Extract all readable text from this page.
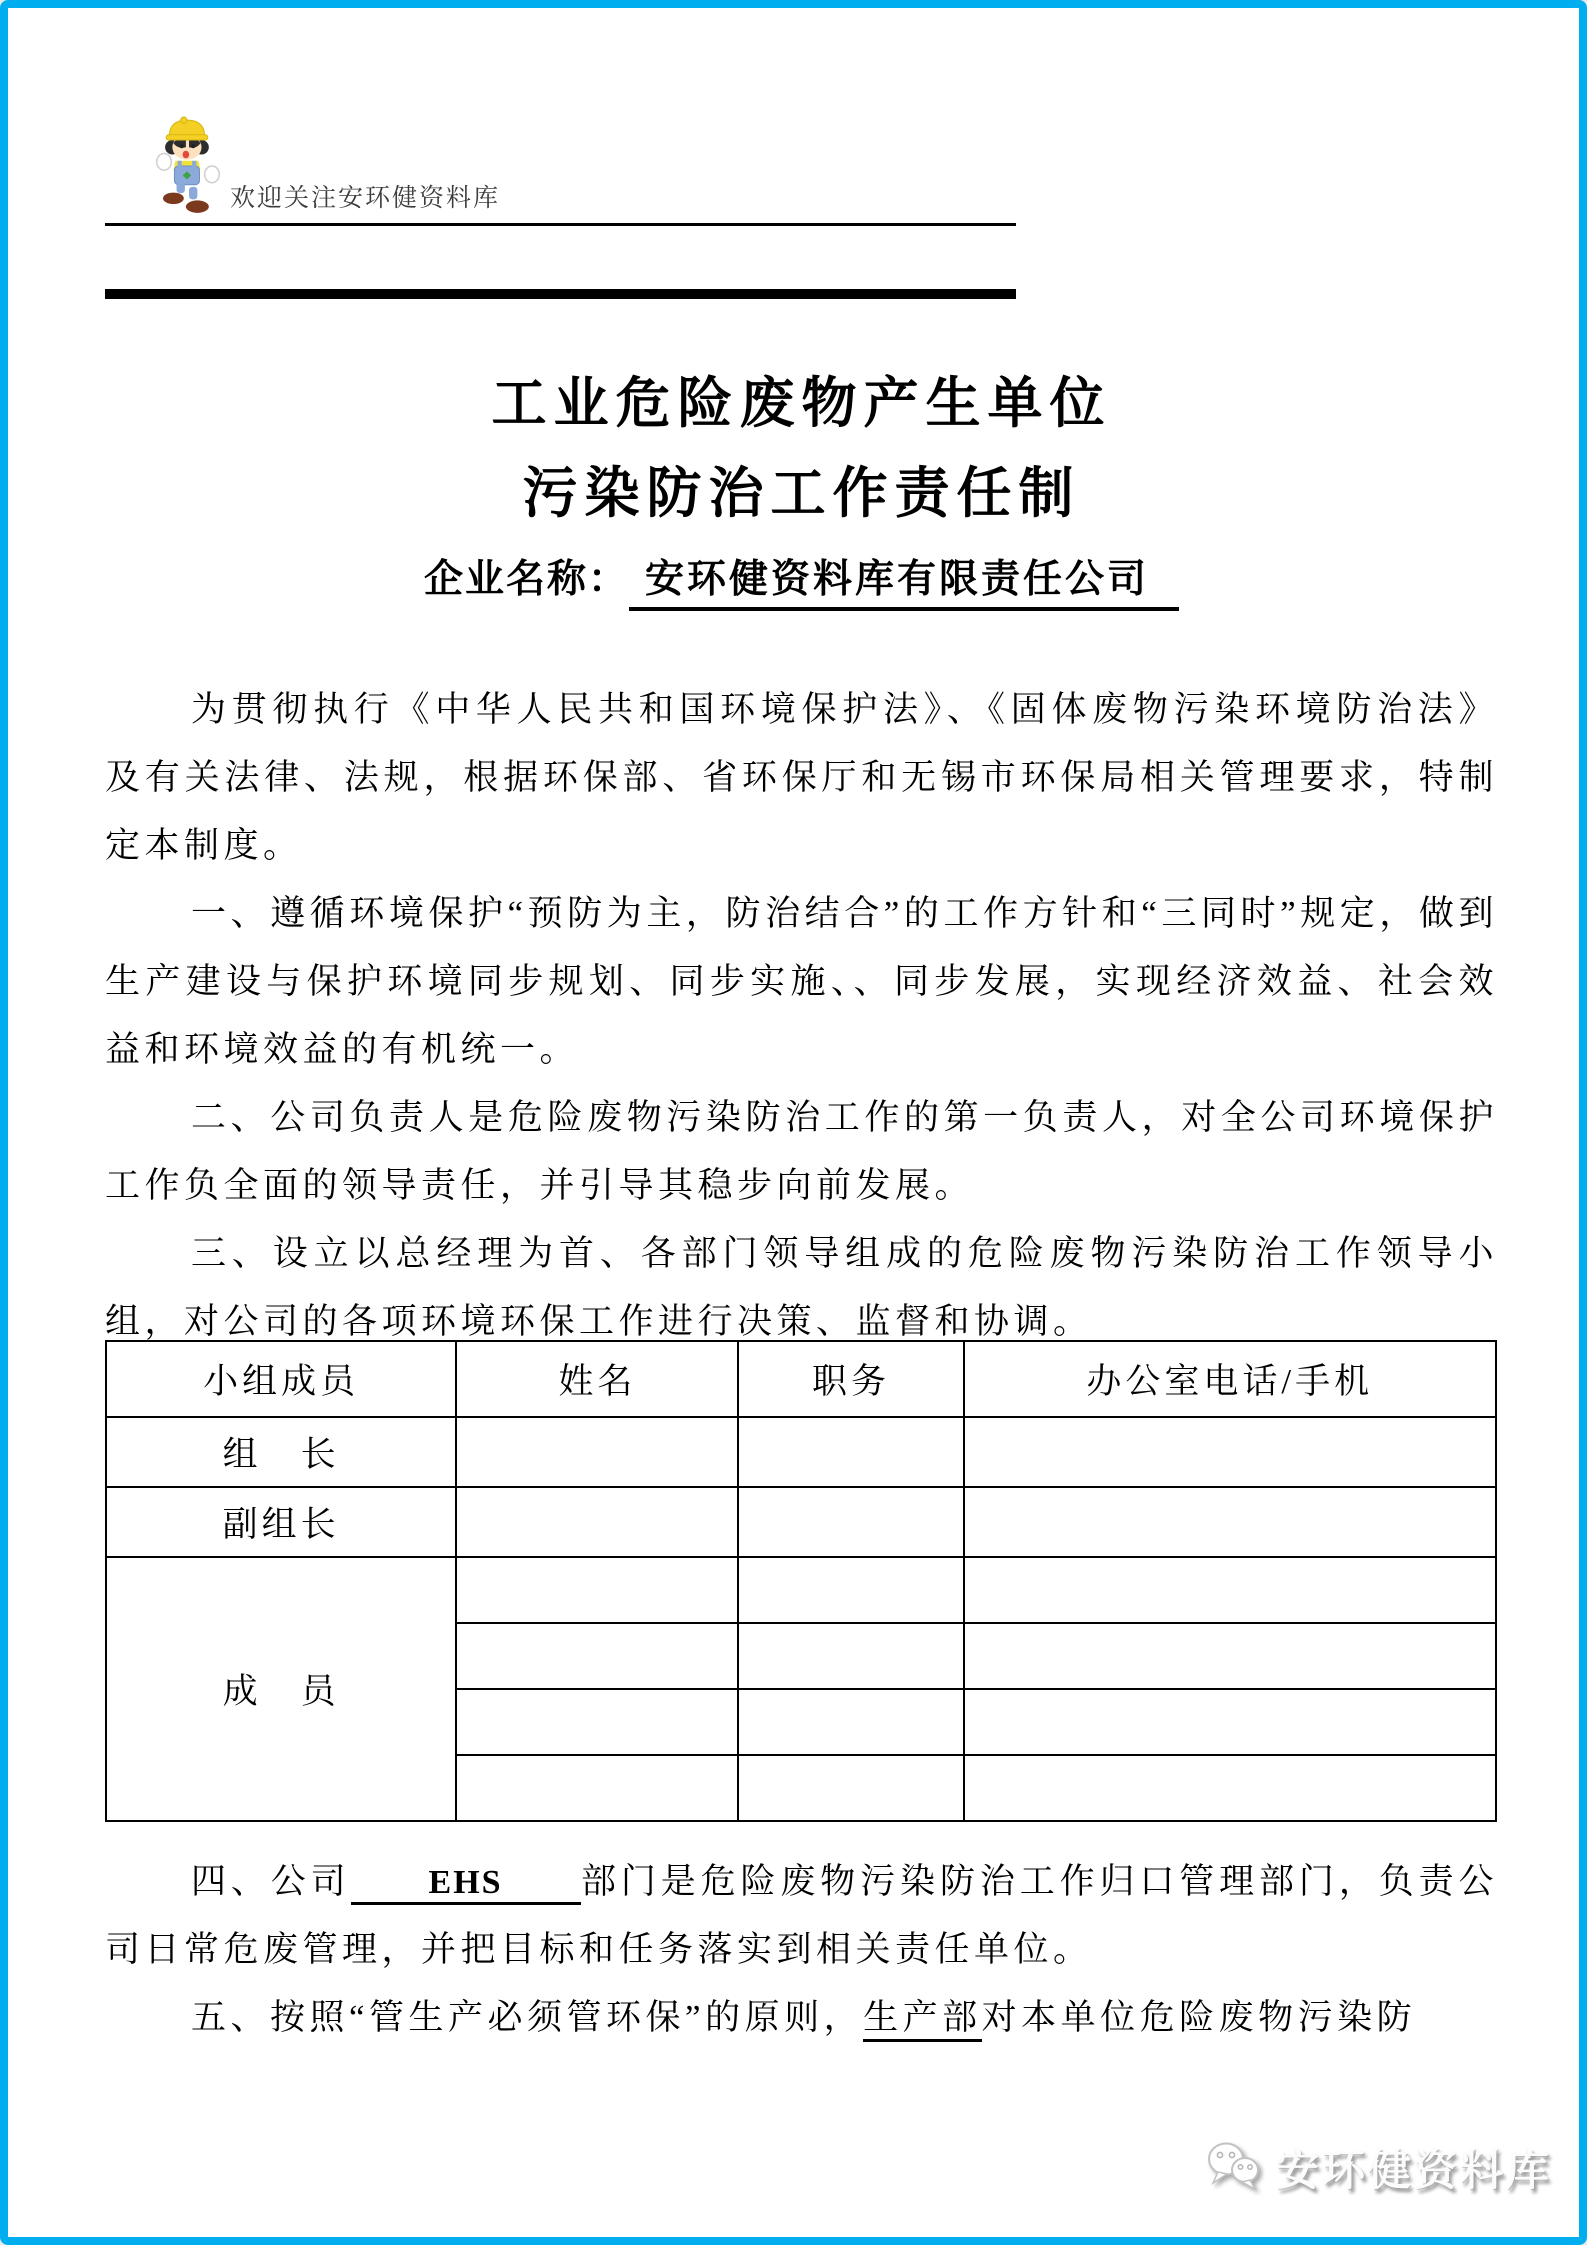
欢迎关注安环健资料库
工业危险废物产生单位
污染防治工作责任制
企业名称： 安环健资料库有限责任公司

为贯彻执行《中华人民共和国环境保护法》、《固体废物污染环境防治法》及有关法律、法规，根据环保部、省环保厅和无锡市环保局相关管理要求，特制定本制度。

一、遵循环境保护“预防为主，防治结合”的工作方针和“三同时”规定，做到生产建设与保护环境同步规划、同步实施、、同步发展，实现经济效益、社会效益和环境效益的有机统一。

二、公司负责人是危险废物污染防治工作的第一负责人，对全公司环境保护工作负全面的领导责任，并引导其稳步向前发展。

三、设立以总经理为首、各部门领导组成的危险废物污染防治工作领导小组，对公司的各项环境环保工作进行决策、监督和协调。

小组成员	姓名	职务	办公室电话/手机
组　长			
副组长			
成　员			

四、公司 EHS 部门是危险废物污染防治工作归口管理部门，负责公司日常危废管理，并把目标和任务落实到相关责任单位。

五、按照“管生产必须管环保”的原则，生产部对本单位危险废物污染防

安环健资料库
